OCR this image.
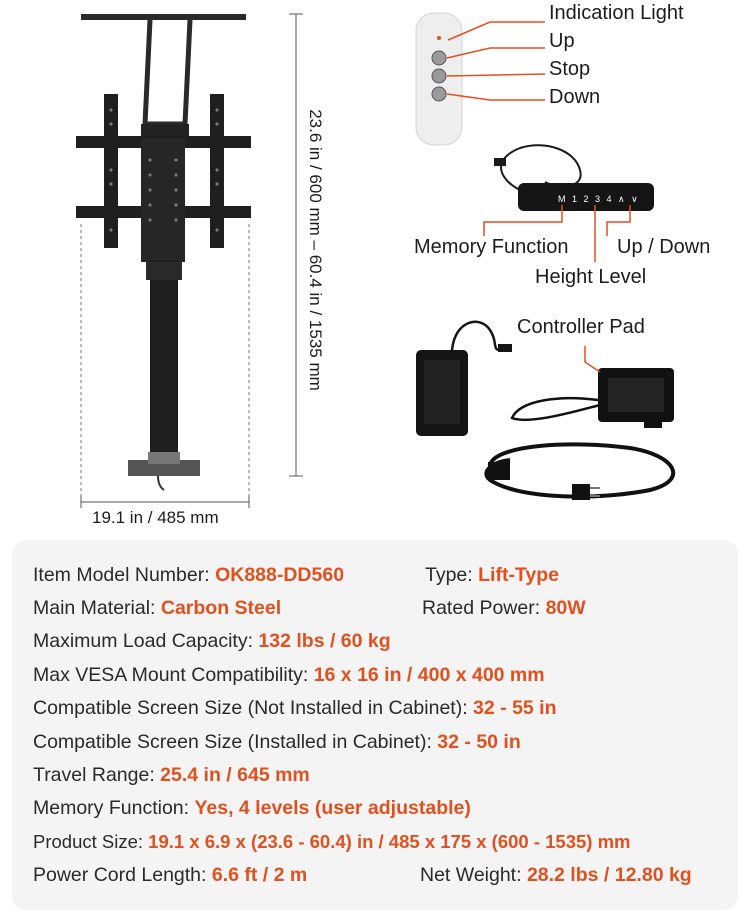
M 1 2 3 4 ∧ ∨
23.6 in / 600 mm – 60.4 in / 1535 mm
19.1 in / 485 mm
Indication Light
Up
Stop
Down
Memory Function Up / Down
Height Level
Controller Pad
Item Model Number: OK888-DD560	Type: Lift-Type
Main Material: Carbon Steel	Rated Power: 80W
Maximum Load Capacity: 132 lbs / 60 kg
Max VESA Mount Compatibility: 16 x 16 in / 400 x 400 mm
Compatible Screen Size (Not Installed in Cabinet): 32 - 55 in
Compatible Screen Size (Installed in Cabinet): 32 - 50 in
Travel Range: 25.4 in / 645 mm
Memory Function: Yes, 4 levels (user adjustable)
Product Size: 19.1 x 6.9 x (23.6 - 60.4) in / 485 x 175 x (600 - 1535) mm
Power Cord Length: 6.6 ft / 2 m	Net Weight: 28.2 lbs / 12.80 kg
